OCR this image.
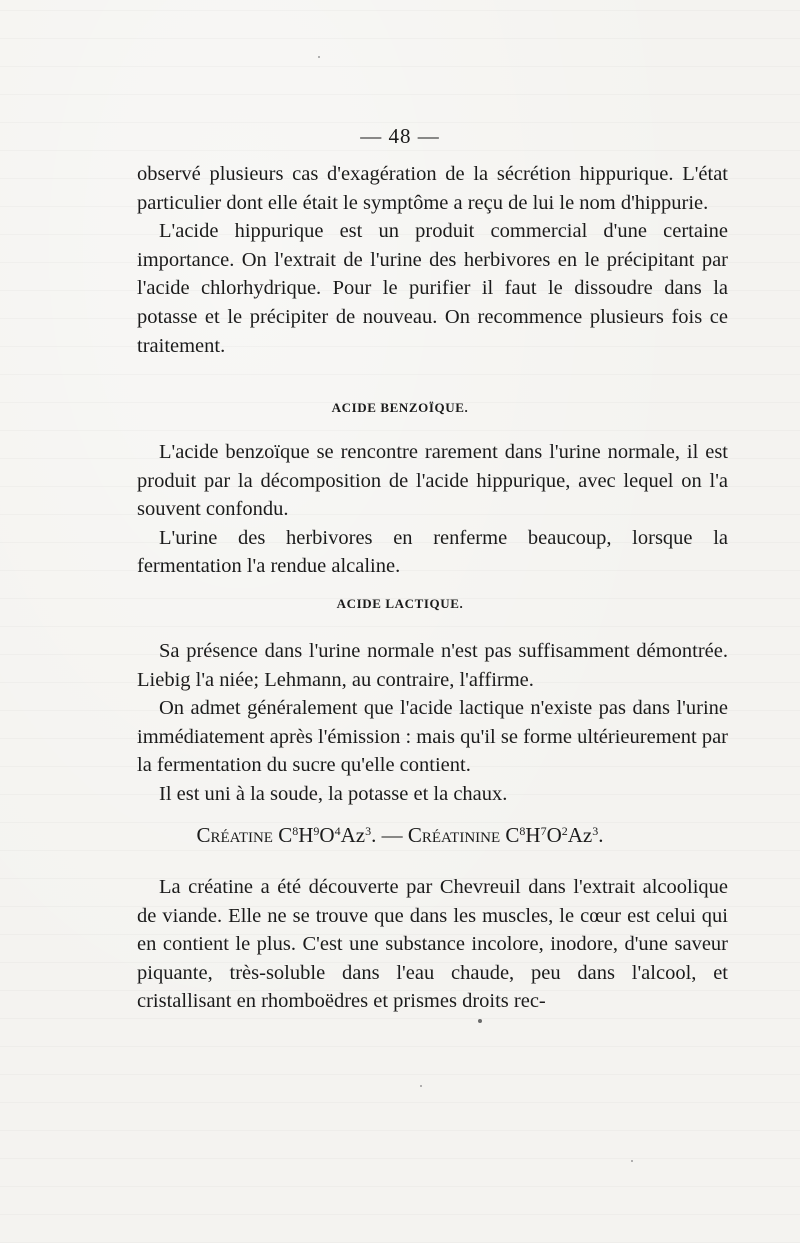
— 48 —

observé plusieurs cas d'exagération de la sécrétion hippurique. L'état particulier dont elle était le symptôme a reçu de lui le nom d'hippurie.

L'acide hippurique est un produit commercial d'une certaine importance. On l'extrait de l'urine des herbivores en le précipitant par l'acide chlorhydrique. Pour le purifier il faut le dissoudre dans la potasse et le précipiter de nouveau. On recommence plusieurs fois ce traitement.

ACIDE BENZOÏQUE.

L'acide benzoïque se rencontre rarement dans l'urine normale, il est produit par la décomposition de l'acide hippurique, avec lequel on l'a souvent confondu.

L'urine des herbivores en renferme beaucoup, lorsque la fermentation l'a rendue alcaline.

ACIDE LACTIQUE.

Sa présence dans l'urine normale n'est pas suffisamment démontrée. Liebig l'a niée; Lehmann, au contraire, l'affirme.

On admet généralement que l'acide lactique n'existe pas dans l'urine immédiatement après l'émission : mais qu'il se forme ultérieurement par la fermentation du sucre qu'elle contient.

Il est uni à la soude, la potasse et la chaux.

Créatine $C^8H^9O^4Az^3$. — Créatinine $C^8H^7O^2Az^3$.

La créatine a été découverte par Chevreuil dans l'extrait alcoolique de viande. Elle ne se trouve que dans les muscles, le cœur est celui qui en contient le plus. C'est une substance incolore, inodore, d'une saveur piquante, très-soluble dans l'eau chaude, peu dans l'alcool, et cristallisant en rhomboëdres et prismes droits rec-
